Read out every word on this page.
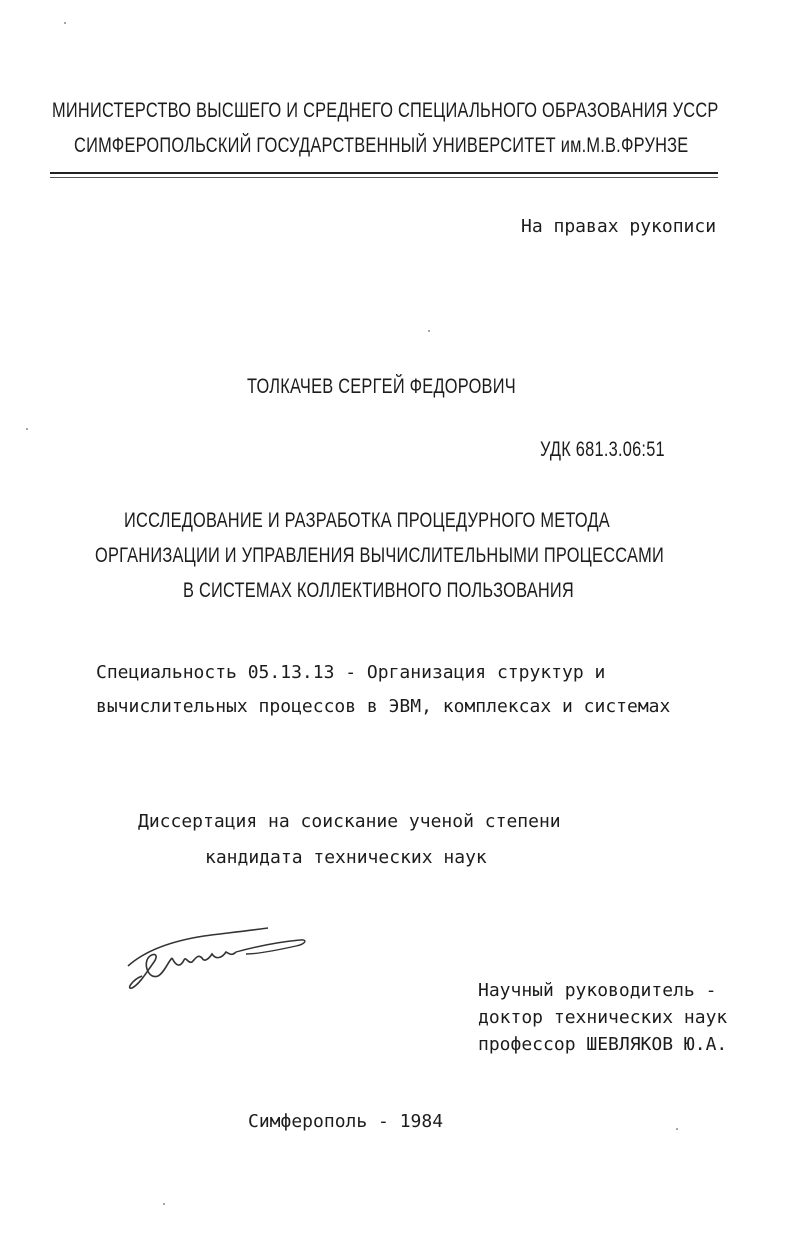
МИНИСТЕРСТВО ВЫСШЕГО И СРЕДНЕГО СПЕЦИАЛЬНОГО ОБРАЗОВАНИЯ УССР
СИМФЕРОПОЛЬСКИЙ ГОСУДАРСТВЕННЫЙ УНИВЕРСИТЕТ им.М.В.ФРУНЗЕ
На правах рукописи
ТОЛКАЧЕВ СЕРГЕЙ ФЕДОРОВИЧ
УДК 681.3.06:51
ИССЛЕДОВАНИЕ И РАЗРАБОТКА ПРОЦЕДУРНОГО МЕТОДА
ОРГАНИЗАЦИИ И УПРАВЛЕНИЯ ВЫЧИСЛИТЕЛЬНЫМИ ПРОЦЕССАМИ
В СИСТЕМАХ КОЛЛЕКТИВНОГО ПОЛЬЗОВАНИЯ
Специальность 05.13.13 - Организация структур и
вычислительных процессов в ЭВМ, комплексах и системах
Диссертация на соискание ученой степени
кандидата технических наук
Научный руководитель -
доктор технических наук
профессор ШЕВЛЯКОВ Ю.А.
Симферополь - 1984
